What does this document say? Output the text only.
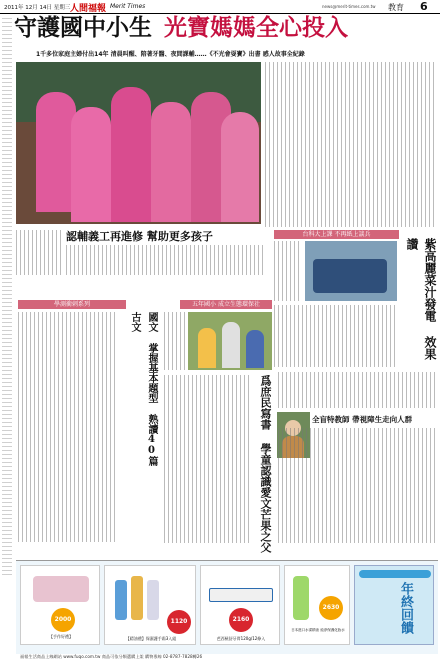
2011年 12月 14日 星期三 人間福報 Merit Times	news@merit-times.com.tw 教育 6
守護國中小生 光寶媽媽全心投入
1千多位家庭主婦付出14年 清晨叫醒、陪著牙醫、夜間課輔……《不光會耍寶》出書 感人故事全紀錄
認輔義工再進修 幫助更多孩子	台科大上課 不再紙上談兵
紫高麗菜汁發電 效果讚
學測衝刺系列
國文 掌握基本題型 熟讀40篇古文
五年國小 成立生態環保社
爲庶民寫書 學童認識愛文芒果之父	全盲特教師 帶視障生走向人群
2000
【手作好禮】
1120
【精油禮】保濕護手霜3入組
2160
芭西極舒牙膏120g/12條入
2630
日本進口水漾精油 純淨保濕化妝水	年終回饋
福報生活商品上線網站 www.fuqo.com.tw 商品可依分類選購上架 購物專線 02-8787-7828轉26
